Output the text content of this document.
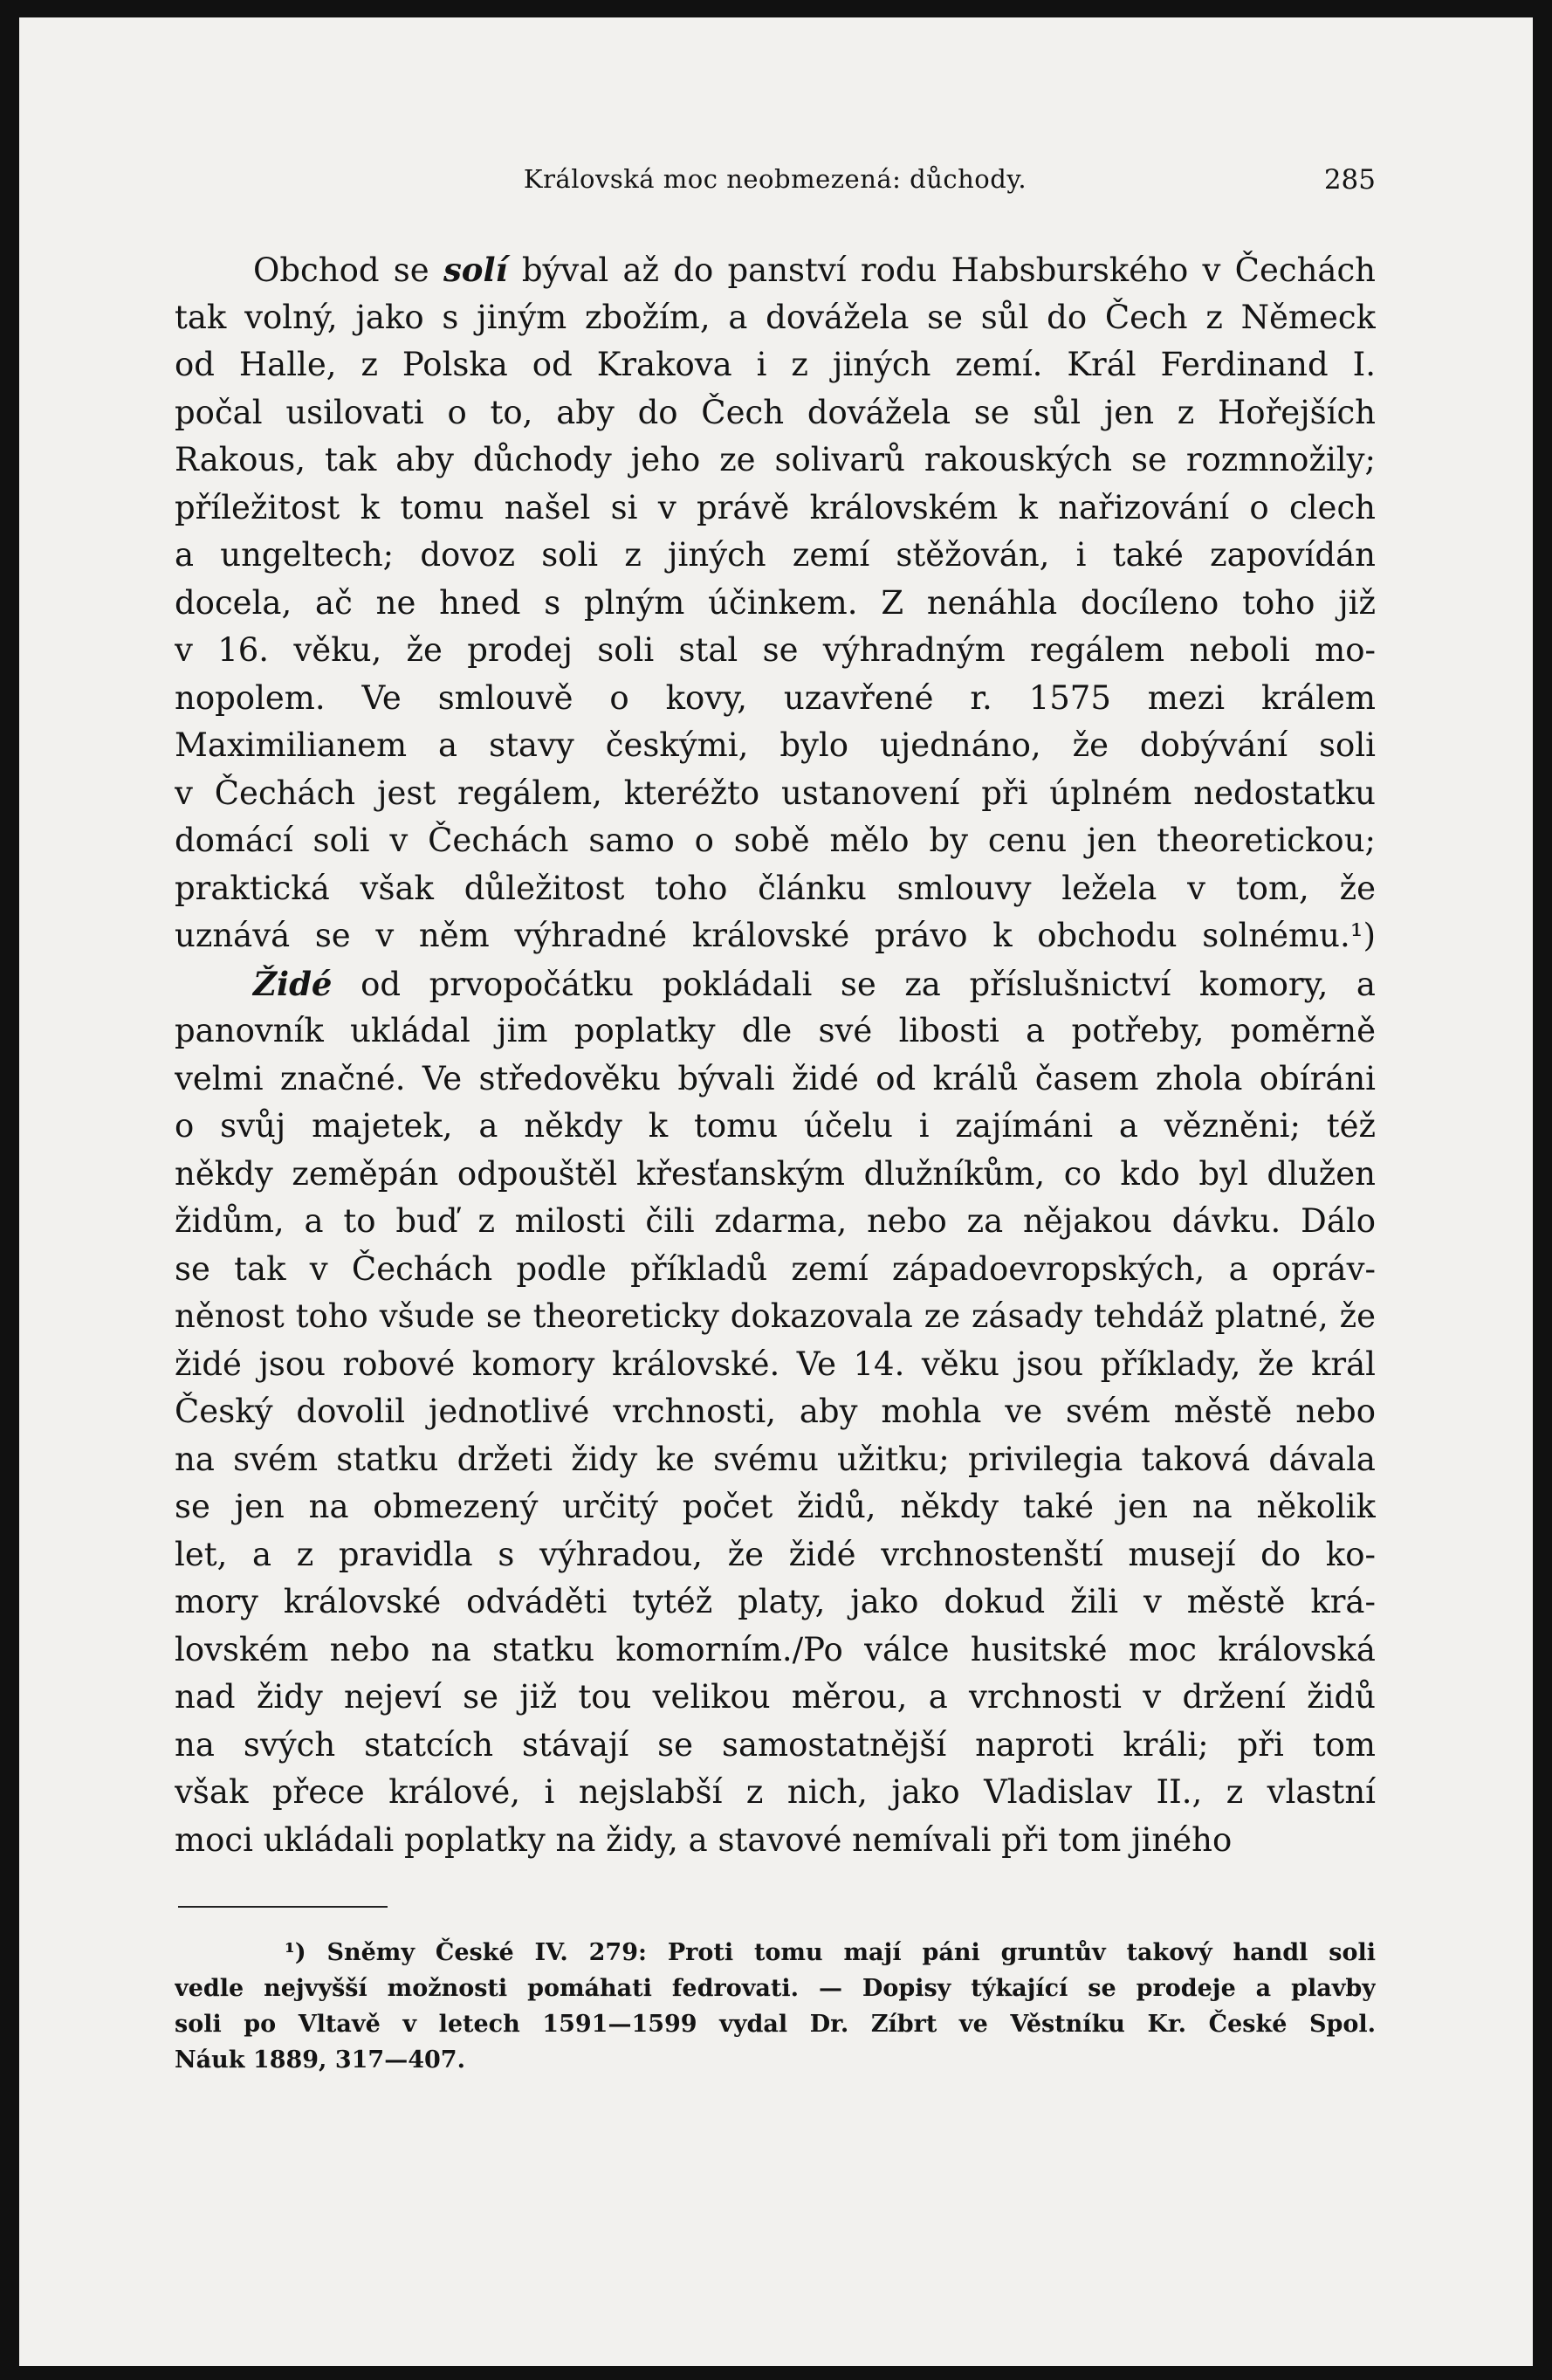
Královská moc neobmezená: důchody.	285
Obchod se solí býval až do panství rodu Habsburského v Čechách
tak volný, jako s jiným zbožím, a dovážela se sůl do Čech z Německ
od Halle, z Polska od Krakova i z jiných zemí. Král Ferdinand I.
počal usilovati o to, aby do Čech dovážela se sůl jen z Hořejších
Rakous, tak aby důchody jeho ze solivarů rakouských se rozmnožily;
příležitost k tomu našel si v právě královském k nařizování o clech
a ungeltech; dovoz soli z jiných zemí stěžován, i také zapovídán
docela, ač ne hned s plným účinkem. Z nenáhla docíleno toho již
v 16. věku, že prodej soli stal se výhradným regálem neboli mo-
nopolem. Ve smlouvě o kovy, uzavřené r. 1575 mezi králem
Maximilianem a stavy českými, bylo ujednáno, že dobývání soli
v Čechách jest regálem, kteréžto ustanovení při úplném nedostatku
domácí soli v Čechách samo o sobě mělo by cenu jen theoretickou;
praktická však důležitost toho článku smlouvy ležela v tom, že
uznává se v něm výhradné královské právo k obchodu solnému.¹)
Židé od prvopočátku pokládali se za příslušnictví komory, a
panovník ukládal jim poplatky dle své libosti a potřeby, poměrně
velmi značné. Ve středověku bývali židé od králů časem zhola obíráni
o svůj majetek, a někdy k tomu účelu i zajímáni a vězněni; též
někdy zeměpán odpouštěl křesťanským dlužníkům, co kdo byl dlužen
židům, a to buď z milosti čili zdarma, nebo za nějakou dávku. Dálo
se tak v Čechách podle příkladů zemí západoevropských, a opráv-
něnost toho všude se theoreticky dokazovala ze zásady tehdáž platné, že
židé jsou robové komory královské. Ve 14. věku jsou příklady, že král
Český dovolil jednotlivé vrchnosti, aby mohla ve svém městě nebo
na svém statku držeti židy ke svému užitku; privilegia taková dávala
se jen na obmezený určitý počet židů, někdy také jen na několik
let, a z pravidla s výhradou, že židé vrchnostenští musejí do ko-
mory královské odváděti tytéž platy, jako dokud žili v městě krá-
lovském nebo na statku komorním./Po válce husitské moc královská
nad židy nejeví se již tou velikou měrou, a vrchnosti v držení židů
na svých statcích stávají se samostatnější naproti králi; při tom
však přece králové, i nejslabší z nich, jako Vladislav II., z vlastní
moci ukládali poplatky na židy, a stavové nemívali při tom jiného
¹) Sněmy České IV. 279: Proti tomu mají páni gruntův takový handl soli
vedle nejvyšší možnosti pomáhati fedrovati. — Dopisy týkající se prodeje a plavby
soli po Vltavě v letech 1591—1599 vydal Dr. Zíbrt ve Věstníku Kr. České Spol.
Náuk 1889, 317—407.
